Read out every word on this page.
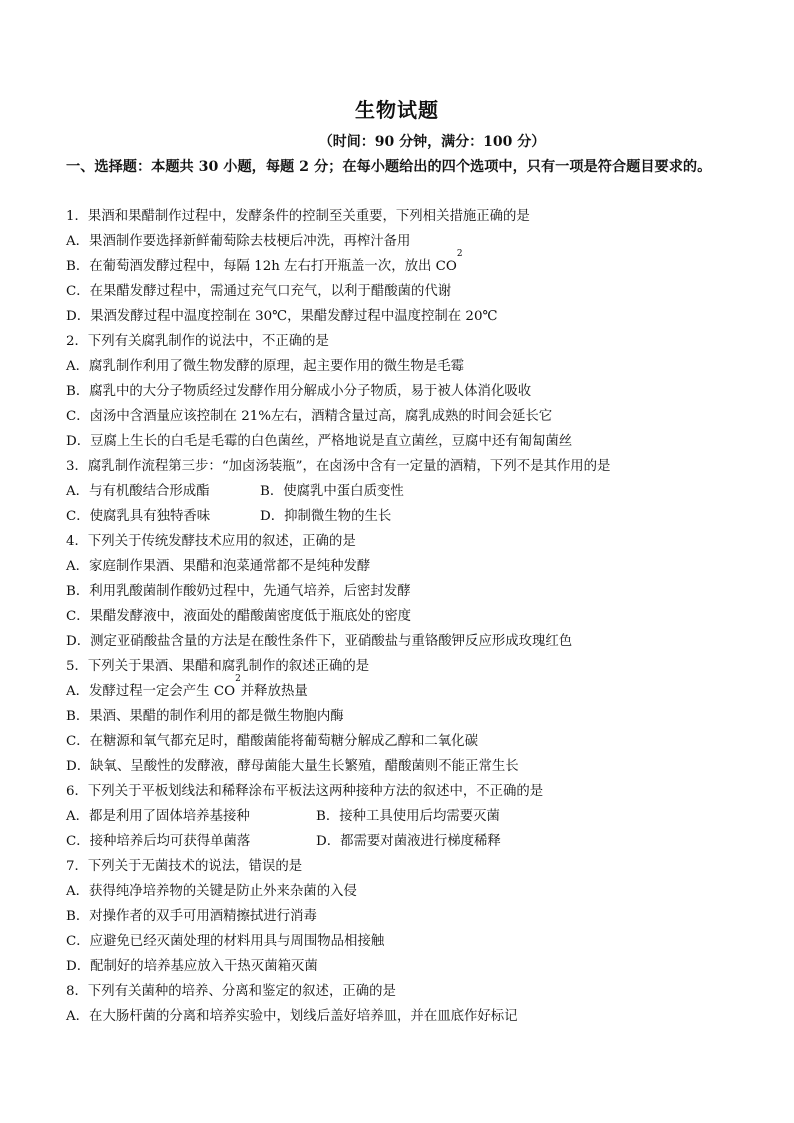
生物试题
（时间：90 分钟，满分：100 分）
一、选择题：本题共 30 小题，每题 2 分；在每小题给出的四个选项中，只有一项是符合题目要求的。
1．果酒和果醋制作过程中，发酵条件的控制至关重要，下列相关措施正确的是
A．果酒制作要选择新鲜葡萄除去枝梗后冲洗，再榨汁备用
B．在葡萄酒发酵过程中，每隔 12h 左右打开瓶盖一次，放出 CO
2
C．在果醋发酵过程中，需通过充气口充气，以利于醋酸菌的代谢
D．果酒发酵过程中温度控制在 30℃，果醋发酵过程中温度控制在 20℃
2．下列有关腐乳制作的说法中，不正确的是
A．腐乳制作利用了微生物发酵的原理，起主要作用的微生物是毛霉
B．腐乳中的大分子物质经过发酵作用分解成小分子物质，易于被人体消化吸收
C．卤汤中含酒量应该控制在 21%左右，酒精含量过高，腐乳成熟的时间会延长它
D．豆腐上生长的白毛是毛霉的白色菌丝，严格地说是直立菌丝，豆腐中还有匍匐菌丝
3．腐乳制作流程第三步：“加卤汤装瓶”，在卤汤中含有一定量的酒精，下列不是其作用的是
A．与有机酸结合形成酯	B．使腐乳中蛋白质变性
C．使腐乳具有独特香味	D．抑制微生物的生长
4．下列关于传统发酵技术应用的叙述，正确的是
A．家庭制作果酒、果醋和泡菜通常都不是纯种发酵
B．利用乳酸菌制作酸奶过程中，先通气培养，后密封发酵
C．果醋发酵液中，液面处的醋酸菌密度低于瓶底处的密度
D．测定亚硝酸盐含量的方法是在酸性条件下，亚硝酸盐与重铬酸钾反应形成玫瑰红色
5．下列关于果酒、果醋和腐乳制作的叙述正确的是
A．发酵过程一定会产生 CO
2
并释放热量
B．果酒、果醋的制作利用的都是微生物胞内酶
C．在糖源和氧气都充足时，醋酸菌能将葡萄糖分解成乙醇和二氧化碳
D．缺氧、呈酸性的发酵液，酵母菌能大量生长繁殖，醋酸菌则不能正常生长
6．下列关于平板划线法和稀释涂布平板法这两种接种方法的叙述中，不正确的是
A．都是利用了固体培养基接种	B．接种工具使用后均需要灭菌
C．接种培养后均可获得单菌落	D．都需要对菌液进行梯度稀释
7．下列关于无菌技术的说法，错误的是
A．获得纯净培养物的关键是防止外来杂菌的入侵
B．对操作者的双手可用酒精擦拭进行消毒
C．应避免已经灭菌处理的材料用具与周围物品相接触
D．配制好的培养基应放入干热灭菌箱灭菌
8．下列有关菌种的培养、分离和鉴定的叙述，正确的是
A．在大肠杆菌的分离和培养实验中，划线后盖好培养皿，并在皿底作好标记
